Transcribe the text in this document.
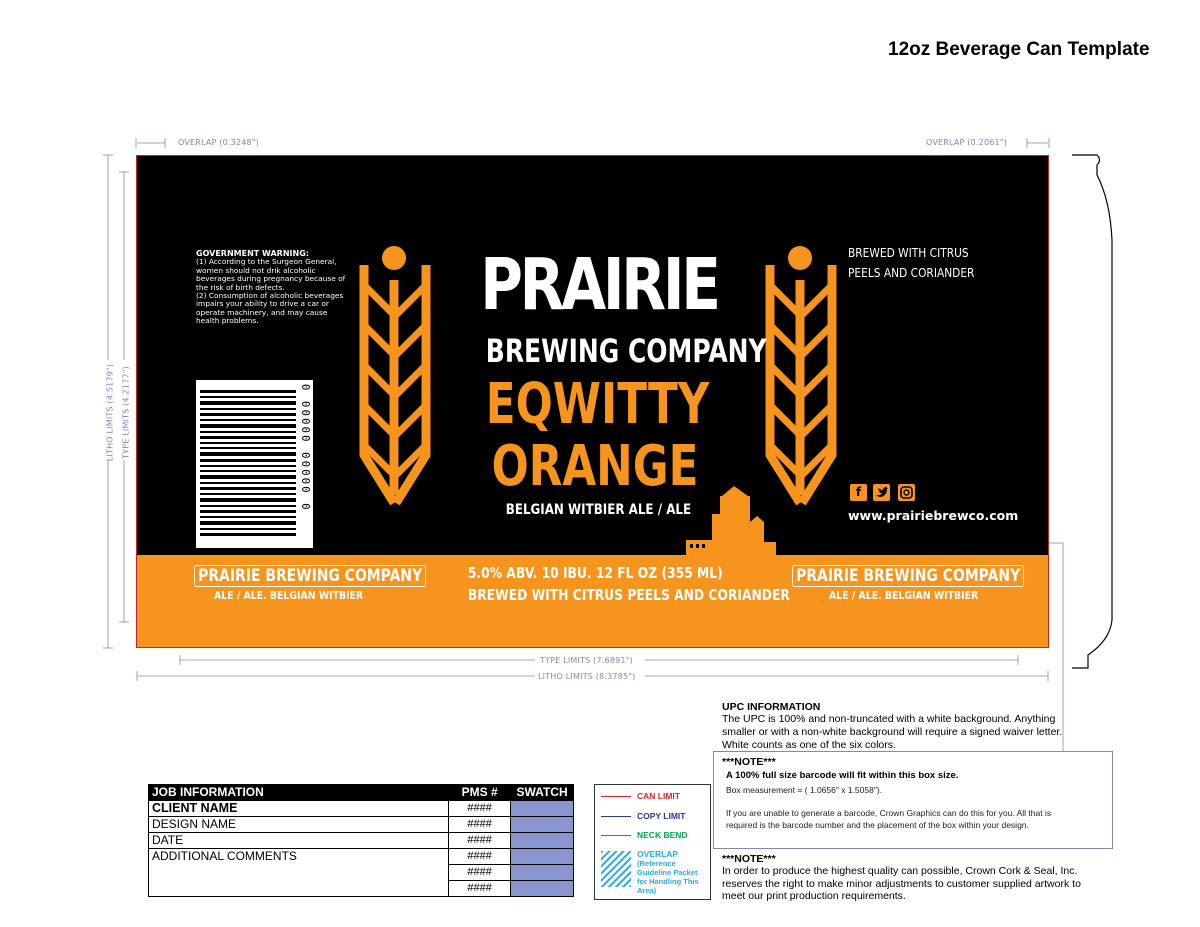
12oz Beverage Can Template
OVERLAP (0.3248")	OVERLAP (0.2061")
LITHO LIMITS (4.5179") TYPE LIMITS (4.2177")
TYPE LIMITS (7.6891")
LITHO LIMITS (8.3785")
GOVERNMENT WARNING:
(1) According to the Surgeon General, women should not drik alcoholic beverages during pregnancy because of the risk of birth defects.
(2) Consumption of alcoholic beverages impairs your ability to drive a car or operate machinery, and may cause health problems.
0 00000 00000 0
PRAIRIE
BREWING COMPANY
EQWITTY
ORANGE
BELGIAN WITBIER ALE / ALE
BREWED WITH CITRUS PEELS AND CORIANDER
f
www.prairiebrewco.com
PRAIRIE BREWING COMPANY
ALE / ALE. BELGIAN WITBIER
5.0% ABV. 10 IBU. 12 FL OZ (355 ML)
BREWED WITH CITRUS PEELS AND CORIANDER
PRAIRIE BREWING COMPANY
ALE / ALE. BELGIAN WITBIER
UPC INFORMATION
The UPC is 100% and non-truncated with a white background. Anything smaller or with a non-white background will require a signed waiver letter. White counts as one of the six colors.
***NOTE***
A 100% full size barcode will fit within this box size.
Box measurement = ( 1.0656" x 1.5058").
If you are unable to generate a barcode, Crown Graphics can do this for you. All that is required is the barcode number and the placement of the box within your design.
***NOTE***
In order to produce the highest quality can possible, Crown Cork & Seal, Inc. reserves the right to make minor adjustments to customer supplied artwork to meet our print production requirements.
JOB INFORMATION	PMS #	SWATCH
CLIENT NAME	####	
DESIGN NAME	####	
DATE	####	
ADDITIONAL COMMENTS	####	
	####	
	####	
CAN LIMIT
COPY LIMIT
NECK BEND
OVERLAP
(Reference Guideline Packet for Handling This Area)
